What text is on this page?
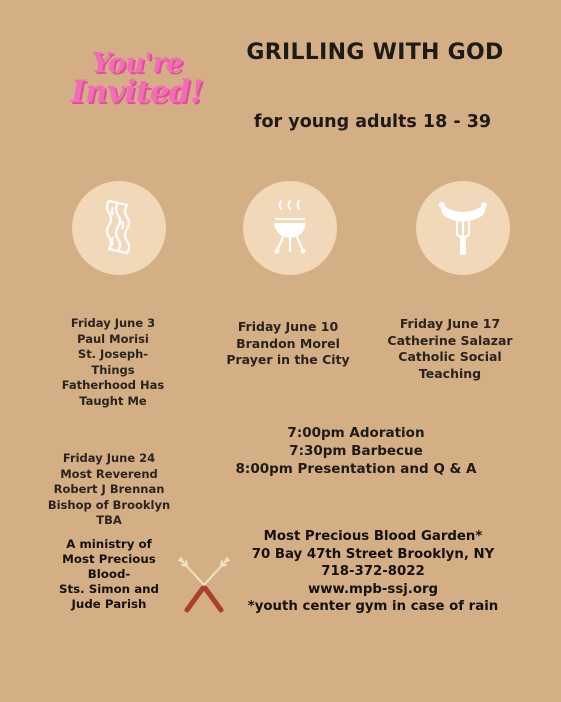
You're
Invited!
GRILLING WITH GOD
for young adults 18 - 39
Friday June 3
Paul Morisi
St. Joseph-
Things
Fatherhood Has
Taught Me
Friday June 10
Brandon Morel
Prayer in the City
Friday June 17
Catherine Salazar
Catholic Social
Teaching
Friday June 24
Most Reverend
Robert J Brennan
Bishop of Brooklyn
TBA
7:00pm Adoration
7:30pm Barbecue
8:00pm Presentation and Q & A
A ministry of
Most Precious
Blood-
Sts. Simon and
Jude Parish
Most Precious Blood Garden*
70 Bay 47th Street Brooklyn, NY
718-372-8022
www.mpb-ssj.org
*youth center gym in case of rain
